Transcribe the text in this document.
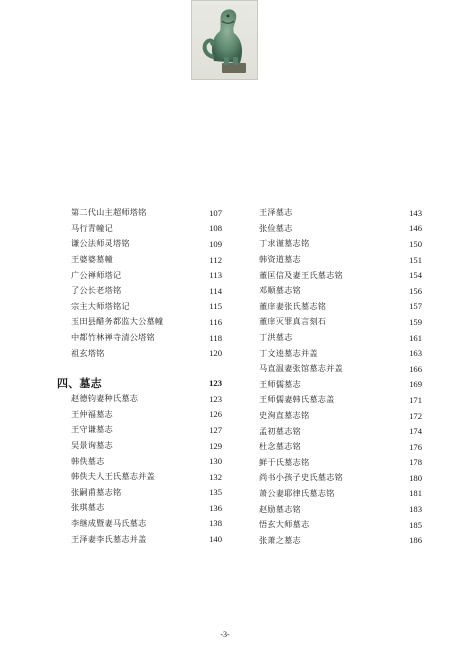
第二代山主超师塔铭	107
马行青幢记	108
谦公法师灵塔铭	109
王婆婆墓幢	112
广公禅师塔记	113
了公长老塔铭	114
宗主大师塔铭记	115
玉田县醋务都监大公墓幢	116
中都竹林禅寺清公塔铭	118
祖玄塔铭	120
四、墓志	123
赵德钧妻种氏墓志	123
王仲福墓志	126
王守谦墓志	127
吴景询墓志	129
韩佚墓志	130
韩佚夫人王氏墓志并盖	132
张嗣甫墓志铭	135
张琪墓志	136
李继成暨妻马氏墓志	138
王泽妻李氏墓志并盖	140
王泽墓志	143
张俭墓志	146
丁求谨墓志铭	150
韩资道墓志	151
董匡信及妻王氏墓志铭	154
邓顺墓志铭	156
董庠妻张氏墓志铭	157
董庠灭罪真言刻石	159
丁洪墓志	161
丁文逵墓志并盖	163
马直温妻张馆墓志并盖	166
王师儒墓志	169
王师儒妻韩氏墓志盖	171
史洵直墓志铭	172
孟初墓志铭	174
杜念墓志铭	176
鲜于氏墓志铭	178
尚书小孩子史氏墓志铭	180
萧公妻耶律氏墓志铭	181
赵励墓志铭	183
悟玄大师墓志	185
张萧之墓志	186
-3-
